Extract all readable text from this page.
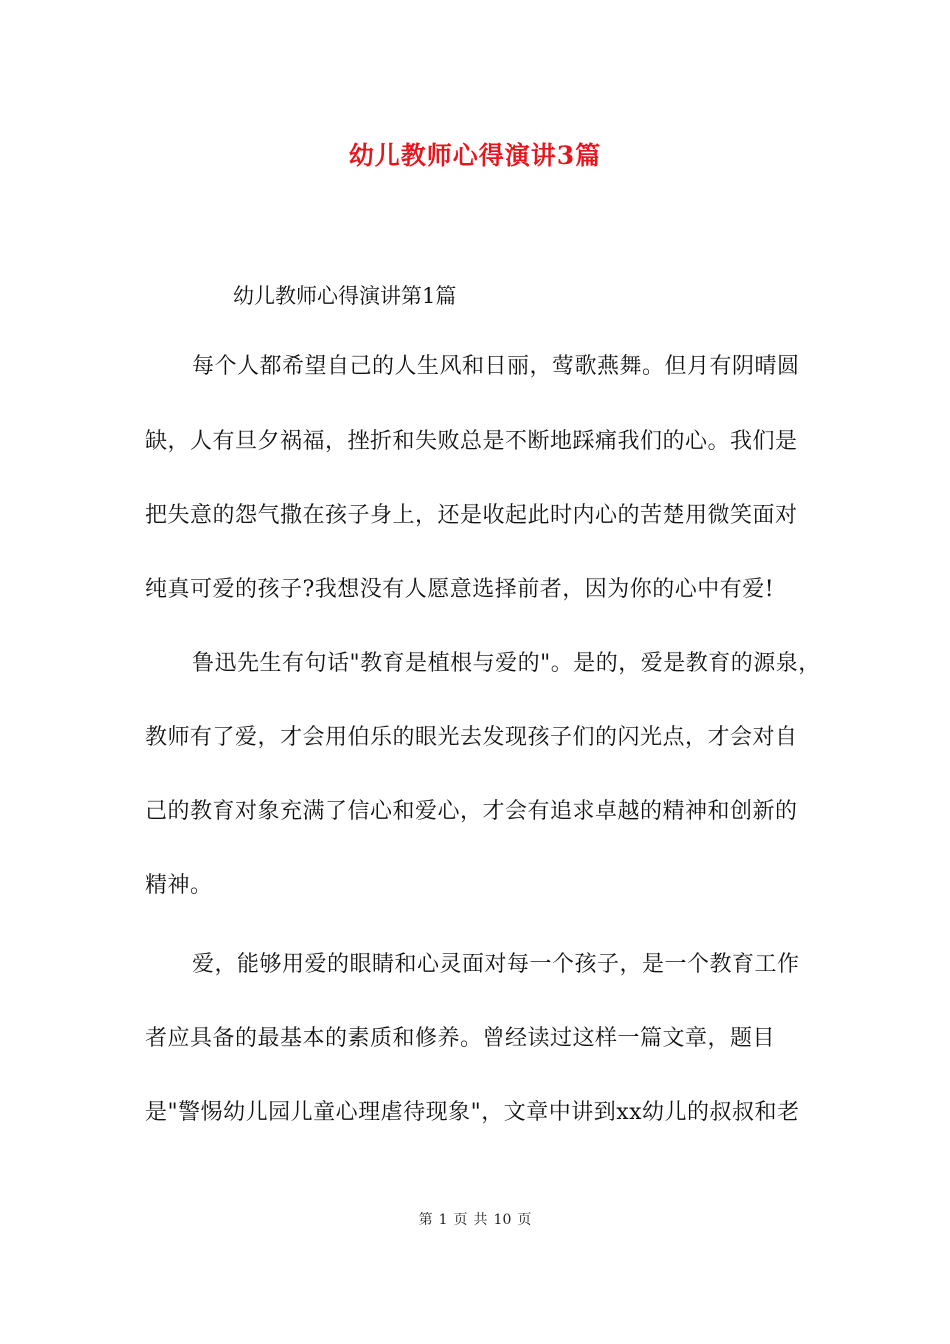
幼儿教师心得演讲3篇
幼儿教师心得演讲第1篇
每个人都希望自己的人生风和日丽，莺歌燕舞。但月有阴晴圆
缺，人有旦夕祸福，挫折和失败总是不断地踩痛我们的心。我们是
把失意的怨气撒在孩子身上，还是收起此时内心的苦楚用微笑面对
纯真可爱的孩子?我想没有人愿意选择前者，因为你的心中有爱!
鲁迅先生有句话"教育是植根与爱的"。是的，爱是教育的源泉，
教师有了爱，才会用伯乐的眼光去发现孩子们的闪光点，才会对自
己的教育对象充满了信心和爱心，才会有追求卓越的精神和创新的
精神。
爱，能够用爱的眼睛和心灵面对每一个孩子，是一个教育工作
者应具备的最基本的素质和修养。曾经读过这样一篇文章，题目
是"警惕幼儿园儿童心理虐待现象"，文章中讲到xx幼儿的叔叔和老
第 1 页 共 10 页
